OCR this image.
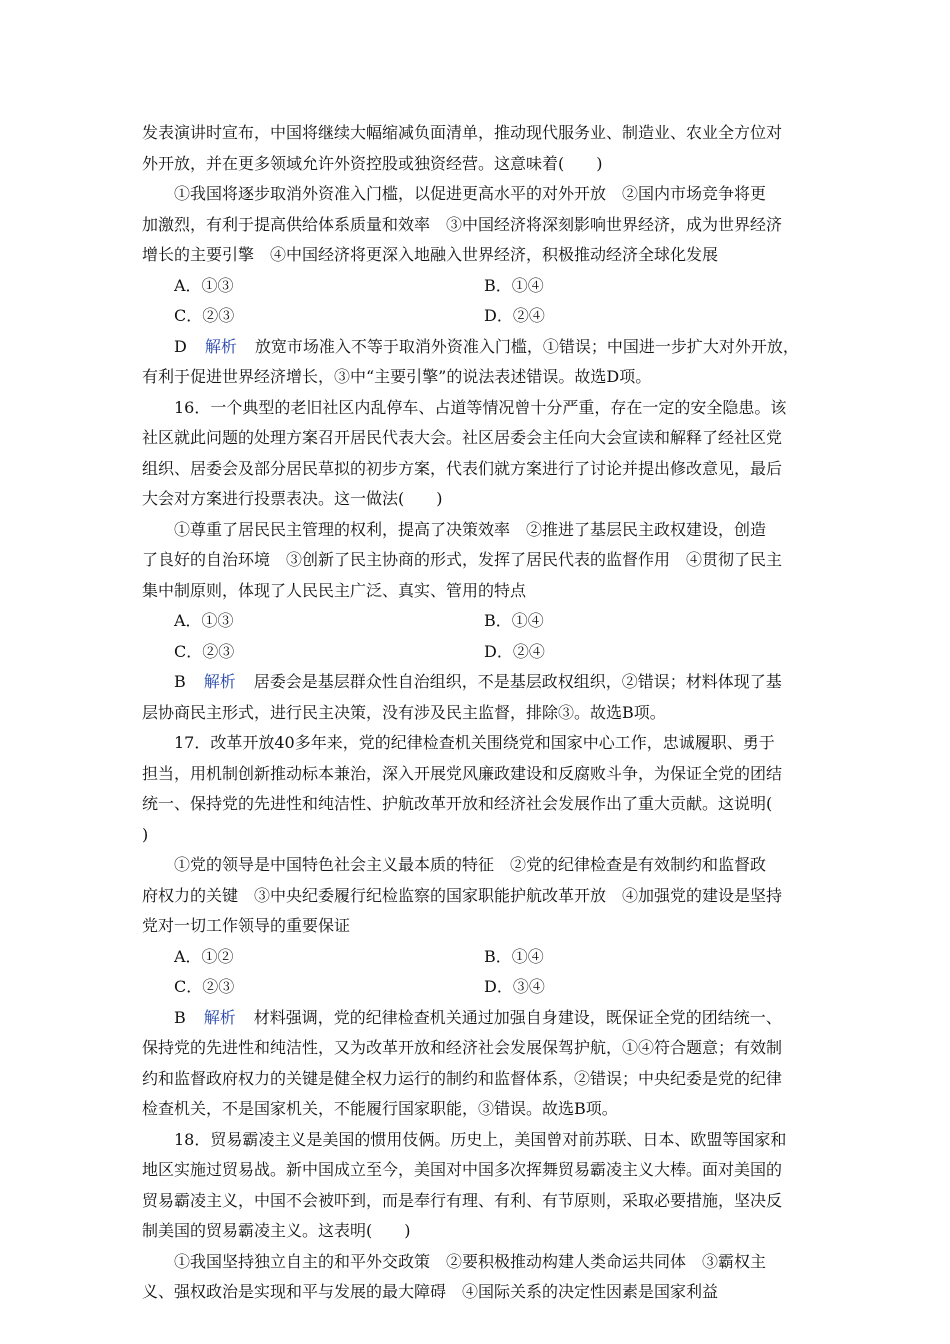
发表演讲时宣布，中国将继续大幅缩减负面清单，推动现代服务业、制造业、农业全方位对
外开放，并在更多领域允许外资控股或独资经营。这意味着(　　)
①我国将逐步取消外资准入门槛，以促进更高水平的对外开放　②国内市场竞争将更
加激烈，有利于提高供给体系质量和效率　③中国经济将深刻影响世界经济，成为世界经济
增长的主要引擎　④中国经济将更深入地融入世界经济，积极推动经济全球化发展
A．①③	B．①④
C．②③	D．②④
D 解析 放宽市场准入不等于取消外资准入门槛，①错误；中国进一步扩大对外开放，
有利于促进世界经济增长，③中“主要引擎”的说法表述错误。故选D项。
16．一个典型的老旧社区内乱停车、占道等情况曾十分严重，存在一定的安全隐患。该
社区就此问题的处理方案召开居民代表大会。社区居委会主任向大会宣读和解释了经社区党
组织、居委会及部分居民草拟的初步方案，代表们就方案进行了讨论并提出修改意见，最后
大会对方案进行投票表决。这一做法(　　)
①尊重了居民民主管理的权利，提高了决策效率　②推进了基层民主政权建设，创造
了良好的自治环境　③创新了民主协商的形式，发挥了居民代表的监督作用　④贯彻了民主
集中制原则，体现了人民民主广泛、真实、管用的特点
A．①③	B．①④
C．②③	D．②④
B 解析 居委会是基层群众性自治组织，不是基层政权组织，②错误；材料体现了基
层协商民主形式，进行民主决策，没有涉及民主监督，排除③。故选B项。
17．改革开放40多年来，党的纪律检查机关围绕党和国家中心工作，忠诚履职、勇于
担当，用机制创新推动标本兼治，深入开展党风廉政建设和反腐败斗争，为保证全党的团结
统一、保持党的先进性和纯洁性、护航改革开放和经济社会发展作出了重大贡献。这说明(
)
①党的领导是中国特色社会主义最本质的特征　②党的纪律检查是有效制约和监督政
府权力的关键　③中央纪委履行纪检监察的国家职能护航改革开放　④加强党的建设是坚持
党对一切工作领导的重要保证
A．①②	B．①④
C．②③	D．③④
B 解析 材料强调，党的纪律检查机关通过加强自身建设，既保证全党的团结统一、
保持党的先进性和纯洁性，又为改革开放和经济社会发展保驾护航，①④符合题意；有效制
约和监督政府权力的关键是健全权力运行的制约和监督体系，②错误；中央纪委是党的纪律
检查机关，不是国家机关，不能履行国家职能，③错误。故选B项。
18．贸易霸凌主义是美国的惯用伎俩。历史上，美国曾对前苏联、日本、欧盟等国家和
地区实施过贸易战。新中国成立至今，美国对中国多次挥舞贸易霸凌主义大棒。面对美国的
贸易霸凌主义，中国不会被吓到，而是奉行有理、有利、有节原则，采取必要措施，坚决反
制美国的贸易霸凌主义。这表明(　　)
①我国坚持独立自主的和平外交政策　②要积极推动构建人类命运共同体　③霸权主
义、强权政治是实现和平与发展的最大障碍　④国际关系的决定性因素是国家利益
